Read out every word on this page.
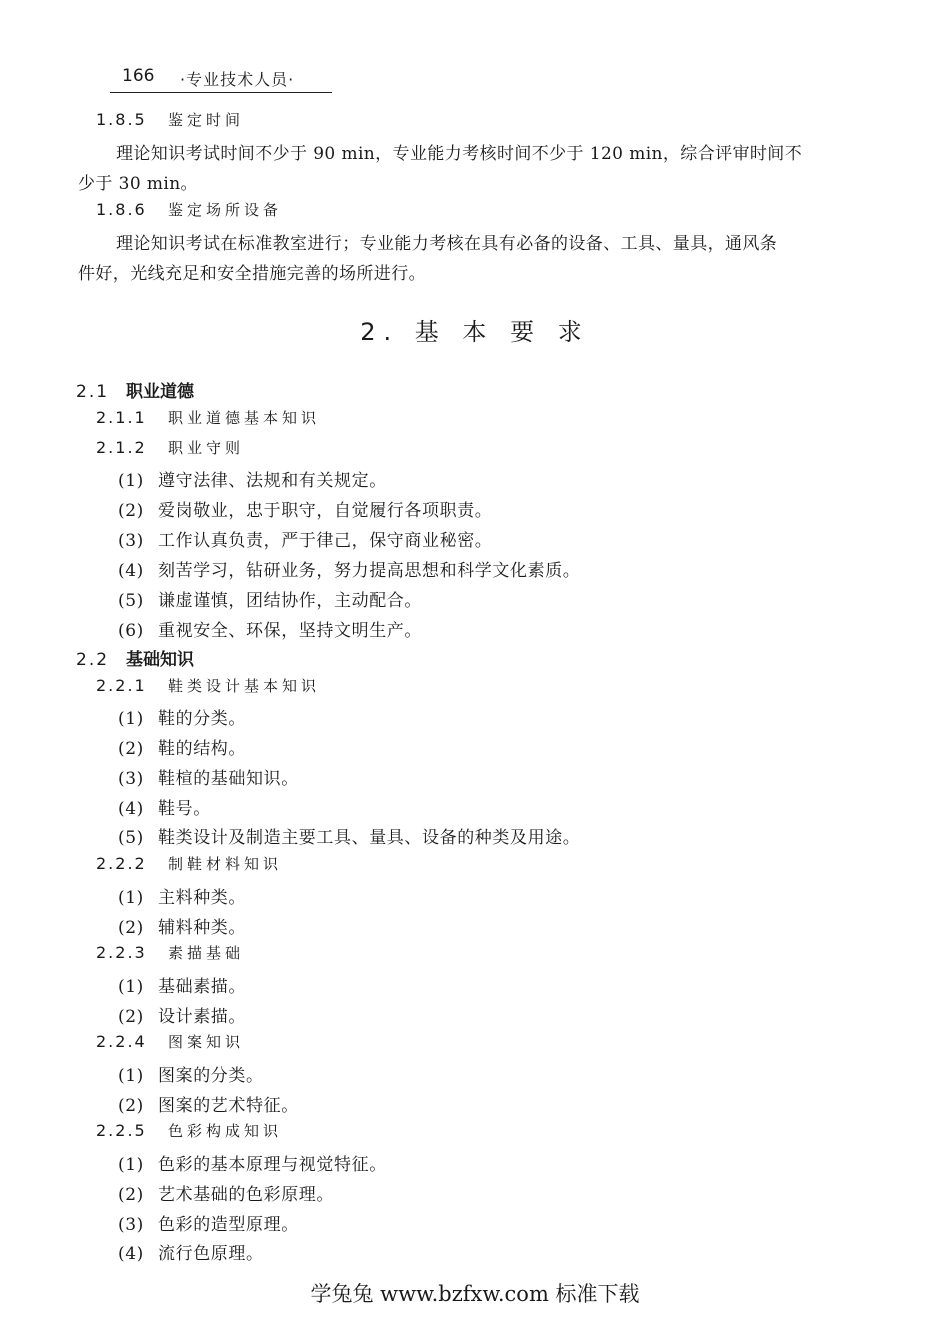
166 ·专业技术人员·
1.8.5 鉴定时间
理论知识考试时间不少于 90 min，专业能力考核时间不少于 120 min，综合评审时间不
少于 30 min。
1.8.6 鉴定场所设备
理论知识考试在标准教室进行；专业能力考核在具有必备的设备、工具、量具，通风条
件好，光线充足和安全措施完善的场所进行。
2. 基 本 要 求
2.1 职业道德
2.1.1 职业道德基本知识
2.1.2 职业守则
(1) 遵守法律、法规和有关规定。
(2) 爱岗敬业，忠于职守，自觉履行各项职责。
(3) 工作认真负责，严于律己，保守商业秘密。
(4) 刻苦学习，钻研业务，努力提高思想和科学文化素质。
(5) 谦虚谨慎，团结协作，主动配合。
(6) 重视安全、环保，坚持文明生产。
2.2 基础知识
2.2.1 鞋类设计基本知识
(1) 鞋的分类。
(2) 鞋的结构。
(3) 鞋楦的基础知识。
(4) 鞋号。
(5) 鞋类设计及制造主要工具、量具、设备的种类及用途。
2.2.2 制鞋材料知识
(1) 主料种类。
(2) 辅料种类。
2.2.3 素描基础
(1) 基础素描。
(2) 设计素描。
2.2.4 图案知识
(1) 图案的分类。
(2) 图案的艺术特征。
2.2.5 色彩构成知识
(1) 色彩的基本原理与视觉特征。
(2) 艺术基础的色彩原理。
(3) 色彩的造型原理。
(4) 流行色原理。
学兔兔 www.bzfxw.com 标准下载
